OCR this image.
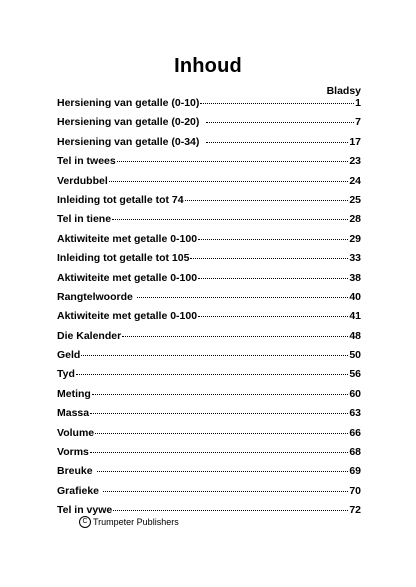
Inhoud
Bladsy
Hersiening van getalle (0-10)	1
Hersiening van getalle (0-20)	7
Hersiening van getalle (0-34)	17
Tel in twees	23
Verdubbel	24
Inleiding tot getalle tot 74	25
Tel in tiene	28
Aktiwiteite met getalle 0-100	29
Inleiding tot getalle tot 105	33
Aktiwiteite met getalle 0-100	38
Rangtelwoorde	40
Aktiwiteite met getalle 0-100	41
Die Kalender	48
Geld	50
Tyd	56
Meting	60
Massa	63
Volume	66
Vorms	68
Breuke	69
Grafieke	70
Tel in vywe	72
C Trumpeter Publishers
